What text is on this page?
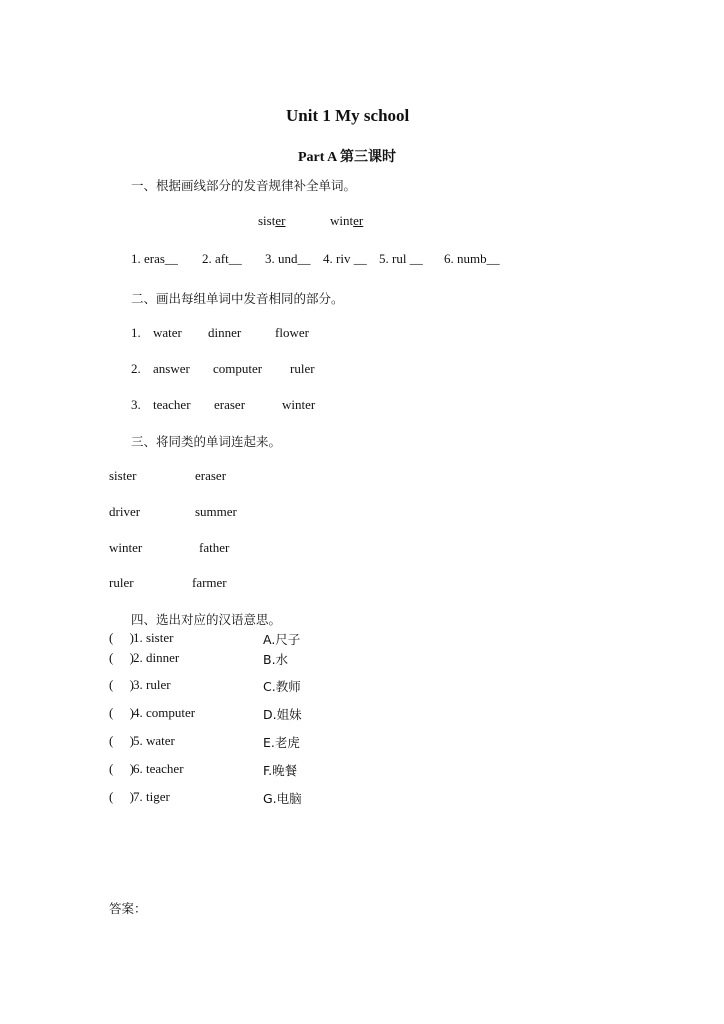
Unit 1 My school
Part A 第三课时
一、根据画线部分的发音规律补全单词。
sister	winter
1. eras__ 2. aft__ 3. und__ 4. riv __ 5. rul __ 6. numb__
二、画出每组单词中发音相同的部分。
1. water dinner	flower
2. answer computer ruler
3. teacher eraser	winter
三、将同类的单词连起来。
sister	eraser
driver	summer
winter	father
ruler	farmer
四、选出对应的汉语意思。
(     ) 1. sister	A.尺子
(     ) 2. dinner	B.水
(     ) 3. ruler	C.教师
(     ) 4. computer	D.姐妹
(     ) 5. water	E.老虎
(     ) 6. teacher	F.晚餐
(     ) 7. tiger	G.电脑
答案：
